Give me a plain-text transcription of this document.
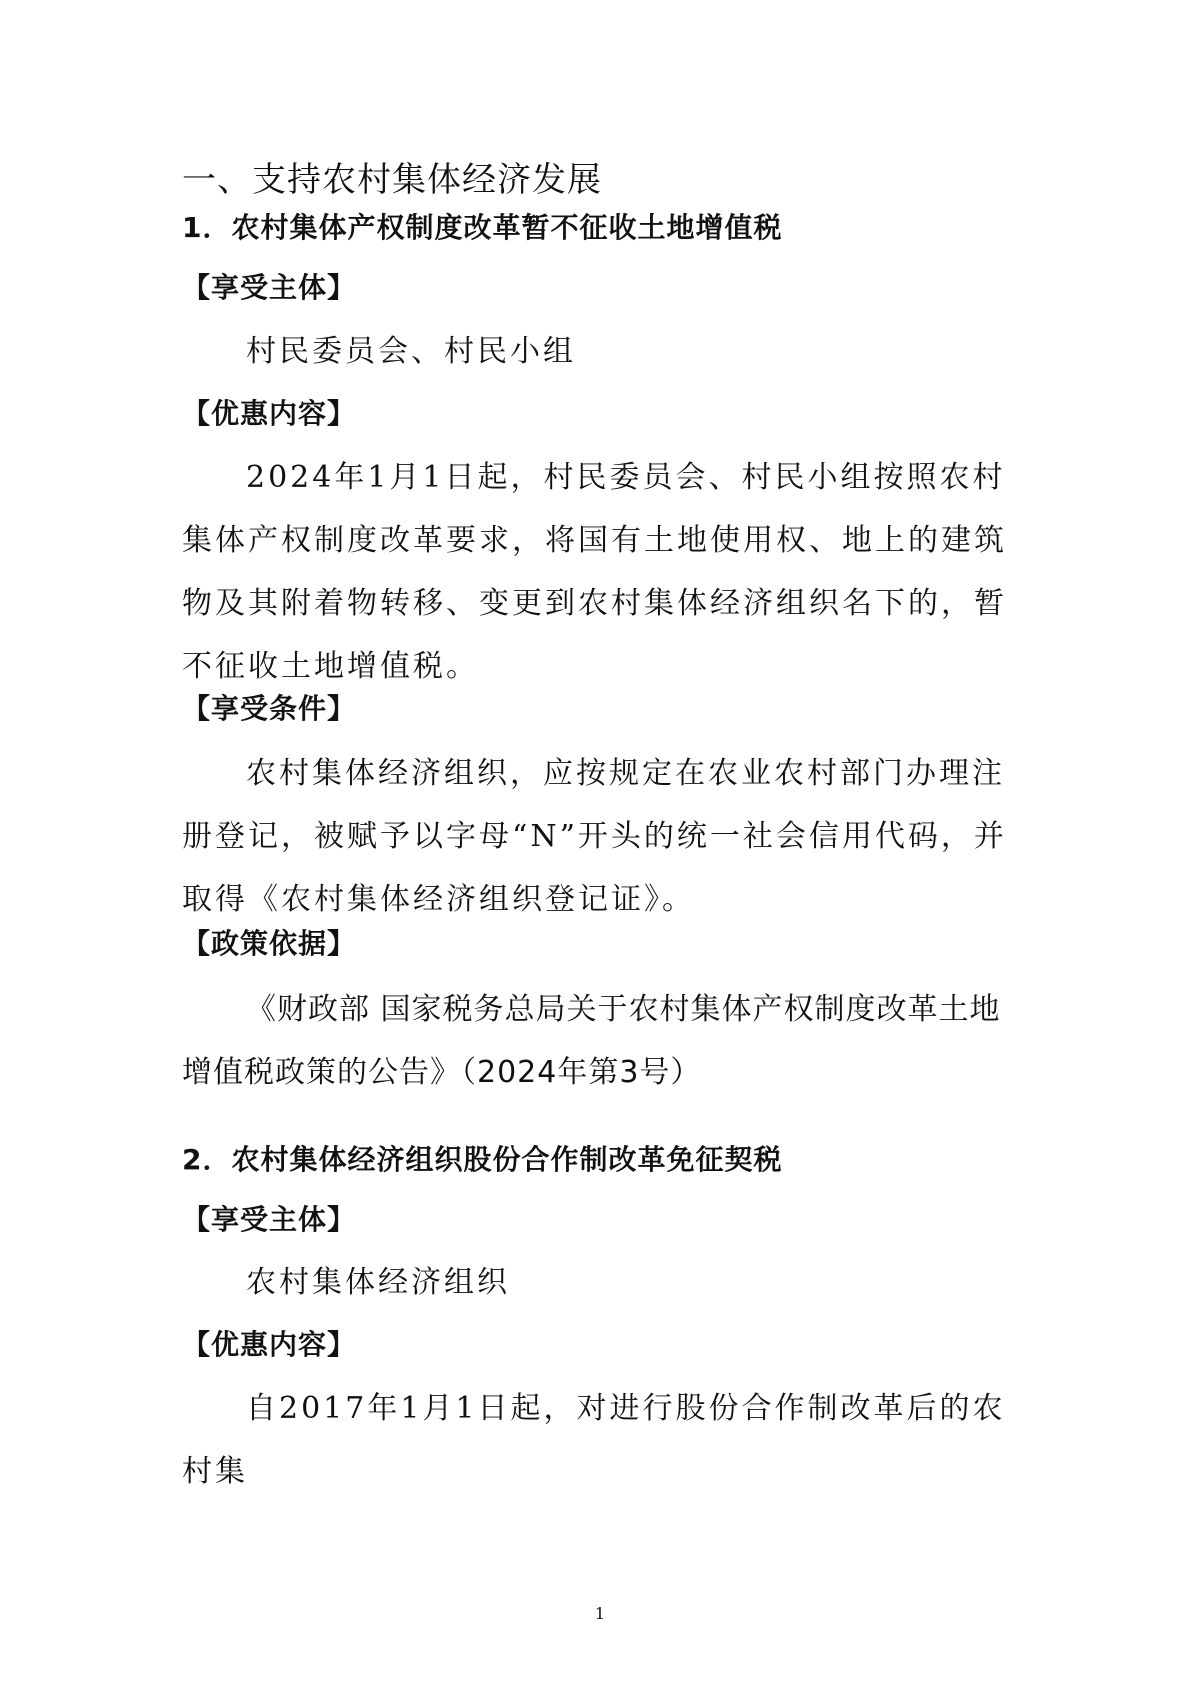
一、支持农村集体经济发展
1．农村集体产权制度改革暂不征收土地增值税
【享受主体】

村民委员会、村民小组

【优惠内容】

2024年1月1日起，村民委员会、村民小组按照农村集体产权制度改革要求，将国有土地使用权、地上的建筑物及其附着物转移、变更到农村集体经济组织名下的，暂不征收土地增值税。

【享受条件】

农村集体经济组织，应按规定在农业农村部门办理注册登记，被赋予以字母“N”开头的统一社会信用代码，并取得《农村集体经济组织登记证》。

【政策依据】

《财政部 国家税务总局关于农村集体产权制度改革土地增值税政策的公告》（2024年第3号）

2．农村集体经济组织股份合作制改革免征契税
【享受主体】

农村集体经济组织

【优惠内容】

自2017年1月1日起，对进行股份合作制改革后的农村集

1
